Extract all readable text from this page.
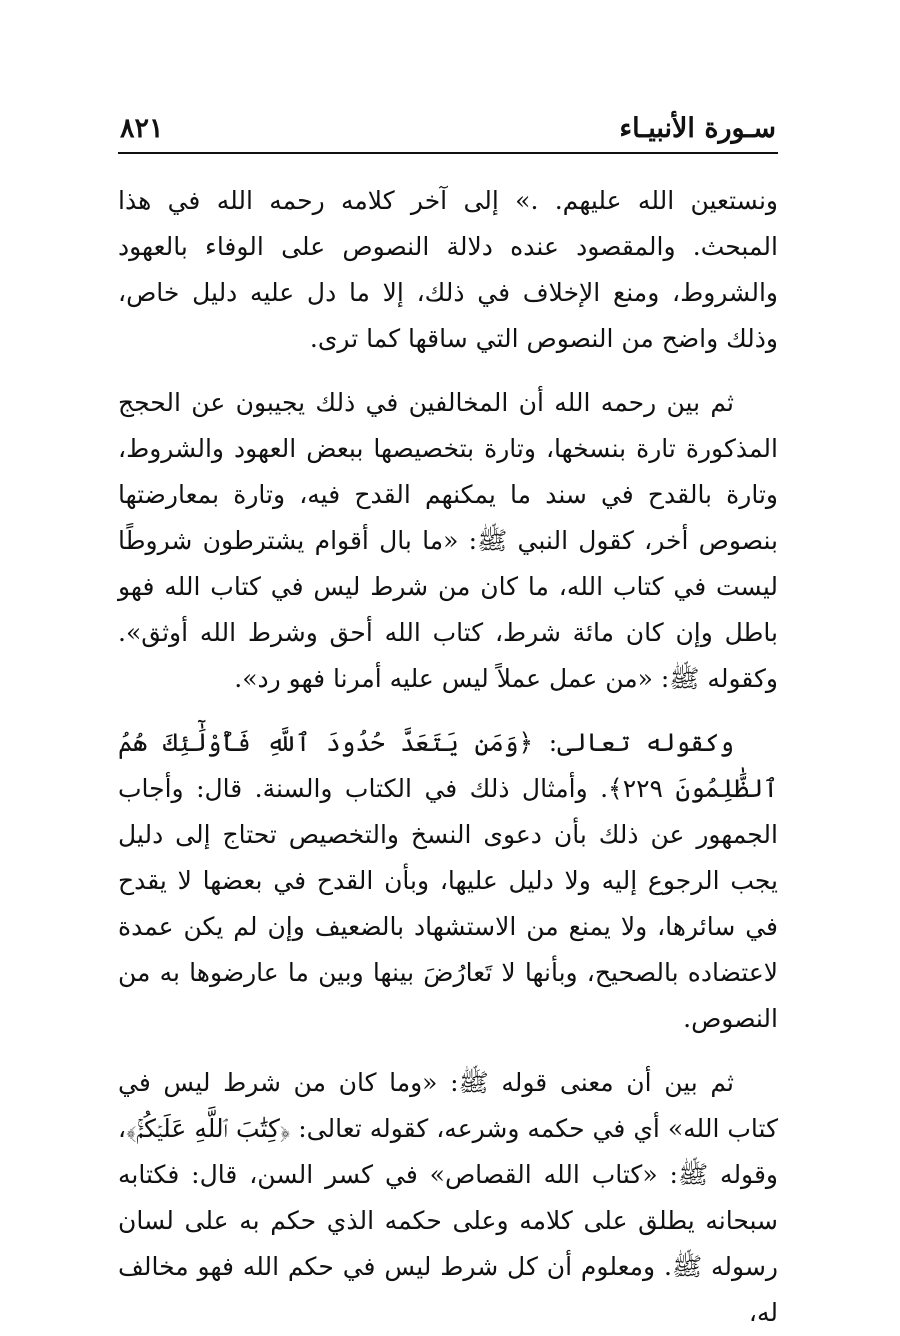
سـورة الأنبيـاء
٨٢١

ونستعين الله عليهم. .» إلى آخر كلامه رحمه الله في هذا المبحث. والمقصود عنده دلالة النصوص على الوفاء بالعهود والشروط، ومنع الإخلاف في ذلك، إلا ما دل عليه دليل خاص، وذلك واضح من النصوص التي ساقها كما ترى.

ثم بين رحمه الله أن المخالفين في ذلك يجيبون عن الحجج المذكورة تارة بنسخها، وتارة بتخصيصها ببعض العهود والشروط، وتارة بالقدح في سند ما يمكنهم القدح فيه، وتارة بمعارضتها بنصوص أخر، كقول النبي ﷺ: «ما بال أقوام يشترطون شروطًا ليست في كتاب الله، ما كان من شرط ليس في كتاب الله فهو باطل وإن كان مائة شرط، كتاب الله أحق وشرط الله أوثق». وكقوله ﷺ: «من عمل عملاً ليس عليه أمرنا فهو رد».

وكقوله تعالى: ﴿وَمَن يَتَعَدَّ حُدُودَ ٱللَّهِ فَأُوْلَٰٓئِكَ هُمُ ٱلظَّٰلِمُونَ ٢٢٩﴾. وأمثال ذلك في الكتاب والسنة. قال: وأجاب الجمهور عن ذلك بأن دعوى النسخ والتخصيص تحتاج إلى دليل يجب الرجوع إليه ولا دليل عليها، وبأن القدح في بعضها لا يقدح في سائرها، ولا يمنع من الاستشهاد بالضعيف وإن لم يكن عمدة لاعتضاده بالصحيح، وبأنها لا تَعارُضَ بينها وبين ما عارضوها به من النصوص.

ثم بين أن معنى قوله ﷺ: «وما كان من شرط ليس في كتاب الله» أي في حكمه وشرعه، كقوله تعالى: ﴿كِتَٰبَ ٱللَّهِ عَلَيۡكُمۡۚ﴾، وقوله ﷺ: «كتاب الله القصاص» في كسر السن، قال: فكتابه سبحانه يطلق على كلامه وعلى حكمه الذي حكم به على لسان رسوله ﷺ. ومعلوم أن كل شرط ليس في حكم الله فهو مخالف له،
